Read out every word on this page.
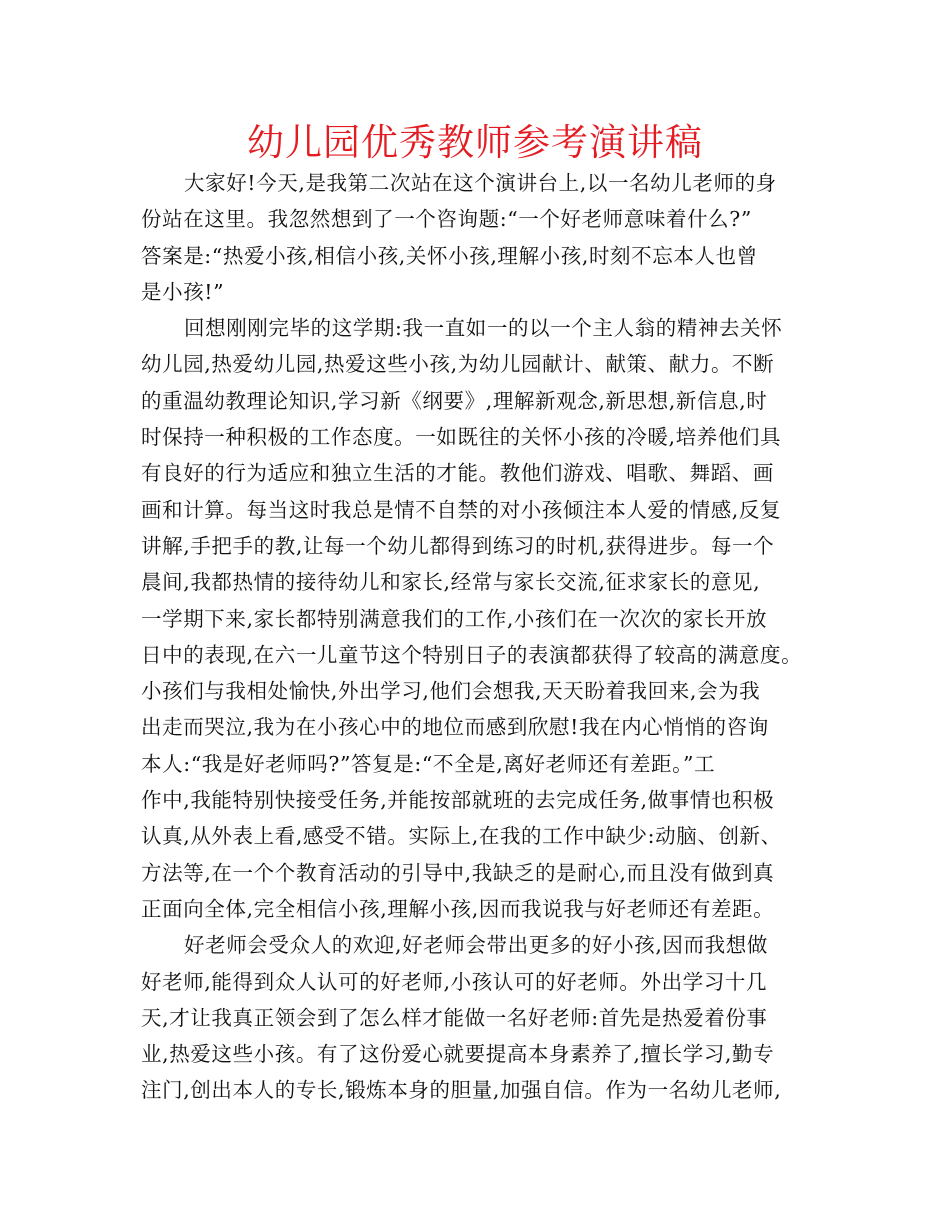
幼儿园优秀教师参考演讲稿
大家好!今天,是我第二次站在这个演讲台上,以一名幼儿老师的身
份站在这里。我忽然想到了一个咨询题:“一个好老师意味着什么?”
答案是:“热爱小孩,相信小孩,关怀小孩,理解小孩,时刻不忘本人也曾
是小孩!”
回想刚刚完毕的这学期:我一直如一的以一个主人翁的精神去关怀
幼儿园,热爱幼儿园,热爱这些小孩,为幼儿园献计、献策、献力。不断
的重温幼教理论知识,学习新《纲要》,理解新观念,新思想,新信息,时
时保持一种积极的工作态度。一如既往的关怀小孩的冷暖,培养他们具
有良好的行为适应和独立生活的才能。教他们游戏、唱歌、舞蹈、画
画和计算。每当这时我总是情不自禁的对小孩倾注本人爱的情感,反复
讲解,手把手的教,让每一个幼儿都得到练习的时机,获得进步。每一个
晨间,我都热情的接待幼儿和家长,经常与家长交流,征求家长的意见,
一学期下来,家长都特别满意我们的工作,小孩们在一次次的家长开放
日中的表现,在六一儿童节这个特别日子的表演都获得了较高的满意度。
小孩们与我相处愉快,外出学习,他们会想我,天天盼着我回来,会为我
出走而哭泣,我为在小孩心中的地位而感到欣慰!我在内心悄悄的咨询
本人:“我是好老师吗?”答复是:“不全是,离好老师还有差距。”工
作中,我能特别快接受任务,并能按部就班的去完成任务,做事情也积极
认真,从外表上看,感受不错。实际上,在我的工作中缺少:动脑、创新、
方法等,在一个个教育活动的引导中,我缺乏的是耐心,而且没有做到真
正面向全体,完全相信小孩,理解小孩,因而我说我与好老师还有差距。
好老师会受众人的欢迎,好老师会带出更多的好小孩,因而我想做
好老师,能得到众人认可的好老师,小孩认可的好老师。外出学习十几
天,才让我真正领会到了怎么样才能做一名好老师:首先是热爱着份事
业,热爱这些小孩。有了这份爱心就要提高本身素养了,擅长学习,勤专
注门,创出本人的专长,锻炼本身的胆量,加强自信。作为一名幼儿老师,
